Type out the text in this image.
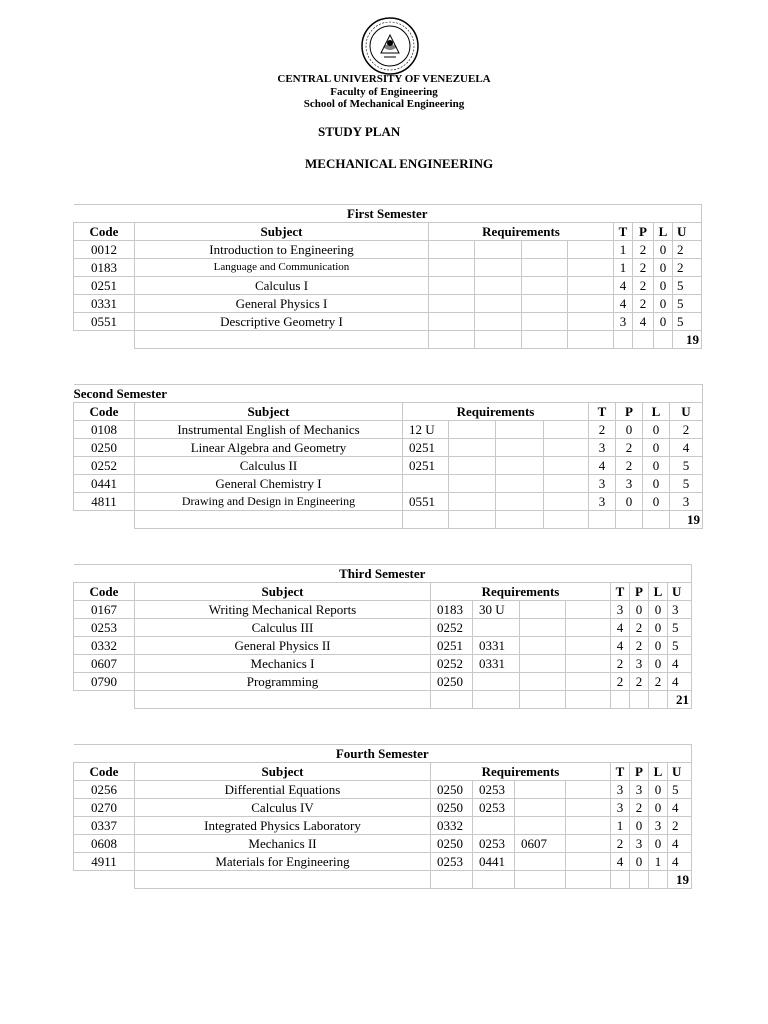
CENTRAL UNIVERSITY OF VENEZUELA
Faculty of Engineering
School of Mechanical Engineering
STUDY PLAN
MECHANICAL ENGINEERING
First Semester									
Code	Subject	Requirements				T	P	L	U
0012	Introduction to Engineering					1	2	0	2
0183	Language and Communication					1	2	0	2
0251	Calculus I					4	2	0	5
0331	General Physics I					4	2	0	5
0551	Descriptive Geometry I					3	4	0	5
									19
Second Semester									
Code	Subject	Requirements				T	P	L	U
0108	Instrumental English of Mechanics	12 U				2	0	0	2
0250	Linear Algebra and Geometry	0251				3	2	0	4
0252	Calculus II	0251				4	2	0	5
0441	General Chemistry I					3	3	0	5
4811	Drawing and Design in Engineering	0551				3	0	0	3
									19
Third Semester									
Code	Subject	Requirements				T	P	L	U
0167	Writing Mechanical Reports	0183	30 U			3	0	0	3
0253	Calculus III	0252				4	2	0	5
0332	General Physics II	0251	0331			4	2	0	5
0607	Mechanics I	0252	0331			2	3	0	4
0790	Programming	0250				2	2	2	4
									21
Fourth Semester									
Code	Subject	Requirements				T	P	L	U
0256	Differential Equations	0250	0253			3	3	0	5
0270	Calculus IV	0250	0253			3	2	0	4
0337	Integrated Physics Laboratory	0332				1	0	3	2
0608	Mechanics II	0250	0253	0607		2	3	0	4
4911	Materials for Engineering	0253	0441			4	0	1	4
									19
